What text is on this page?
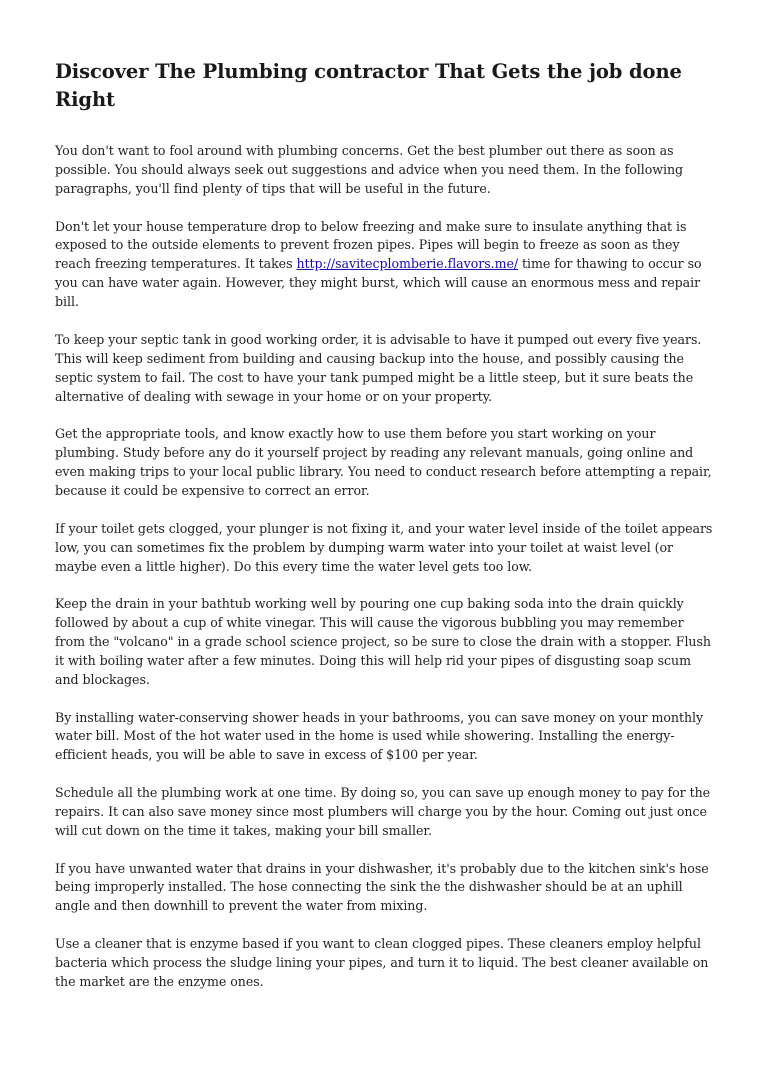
Discover The Plumbing contractor That Gets the job done Right

You don't want to fool around with plumbing concerns. Get the best plumber out there as soon as possible. You should always seek out suggestions and advice when you need them. In the following paragraphs, you'll find plenty of tips that will be useful in the future.

Don't let your house temperature drop to below freezing and make sure to insulate anything that is exposed to the outside elements to prevent frozen pipes. Pipes will begin to freeze as soon as they reach freezing temperatures. It takes http://savitecplomberie.flavors.me/ time for thawing to occur so you can have water again. However, they might burst, which will cause an enormous mess and repair bill.

To keep your septic tank in good working order, it is advisable to have it pumped out every five years. This will keep sediment from building and causing backup into the house, and possibly causing the septic system to fail. The cost to have your tank pumped might be a little steep, but it sure beats the alternative of dealing with sewage in your home or on your property.

Get the appropriate tools, and know exactly how to use them before you start working on your plumbing. Study before any do it yourself project by reading any relevant manuals, going online and even making trips to your local public library. You need to conduct research before attempting a repair, because it could be expensive to correct an error.

If your toilet gets clogged, your plunger is not fixing it, and your water level inside of the toilet appears low, you can sometimes fix the problem by dumping warm water into your toilet at waist level (or maybe even a little higher). Do this every time the water level gets too low.

Keep the drain in your bathtub working well by pouring one cup baking soda into the drain quickly followed by about a cup of white vinegar. This will cause the vigorous bubbling you may remember from the "volcano" in a grade school science project, so be sure to close the drain with a stopper. Flush it with boiling water after a few minutes. Doing this will help rid your pipes of disgusting soap scum and blockages.

By installing water-conserving shower heads in your bathrooms, you can save money on your monthly water bill. Most of the hot water used in the home is used while showering. Installing the energy-efficient heads, you will be able to save in excess of $100 per year.

Schedule all the plumbing work at one time. By doing so, you can save up enough money to pay for the repairs. It can also save money since most plumbers will charge you by the hour. Coming out just once will cut down on the time it takes, making your bill smaller.

If you have unwanted water that drains in your dishwasher, it's probably due to the kitchen sink's hose being improperly installed. The hose connecting the sink the the dishwasher should be at an uphill angle and then downhill to prevent the water from mixing.

Use a cleaner that is enzyme based if you want to clean clogged pipes. These cleaners employ helpful bacteria which process the sludge lining your pipes, and turn it to liquid. The best cleaner available on the market are the enzyme ones.
